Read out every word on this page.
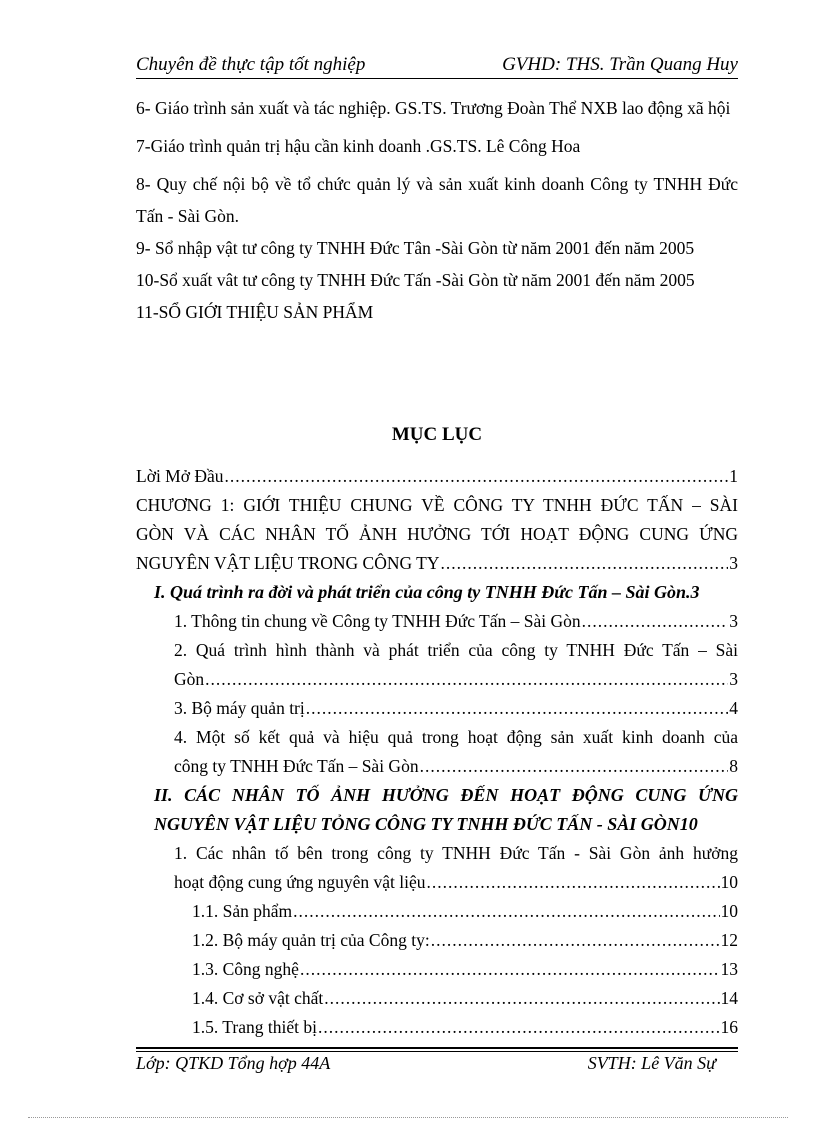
Chuyên đề thực tập tốt nghiệp	GVHD: THS. Trần Quang Huy
6- Giáo trình sản xuất và tác nghiệp. GS.TS. Trương Đoàn Thể NXB lao động xã hội
7-Giáo trình quản trị hậu cần kinh doanh .GS.TS. Lê Công Hoa
8- Quy chế nội bộ về tổ chức quản lý và sản xuất kinh doanh Công ty TNHH Đức Tấn - Sài Gòn.
9- Sổ nhập vật tư công ty TNHH Đức Tân -Sài Gòn từ năm 2001 đến năm 2005
10-Sổ xuất vât tư công ty TNHH Đức Tấn -Sài Gòn từ năm 2001 đến năm 2005
11-SỔ GIỚI THIỆU SẢN PHẨM
MỤC LỤC
Lời Mở Đầu .....	1
CHƯƠNG 1: GIỚI THIỆU CHUNG VỀ CÔNG TY TNHH ĐỨC TẤN – SÀI
GÒN VÀ CÁC NHÂN TỐ ẢNH HƯỞNG TỚI HOẠT ĐỘNG CUNG ỨNG
NGUYÊN VẬT LIỆU TRONG CÔNG TY .....	3
I. Quá trình ra đời và phát triển của công ty TNHH Đức Tấn – Sài Gòn.3
1. Thông tin chung về Công ty TNHH Đức Tấn – Sài Gòn .....	3
2. Quá trình hình thành và phát triển của công ty TNHH Đức Tấn – Sài
Gòn .....	3
3. Bộ máy quản trị .....	4
4. Một số kết quả và hiệu quả trong hoạt động sản xuất kinh doanh của
công ty TNHH Đức Tấn – Sài Gòn .....	8
II. CÁC NHÂN TỐ ẢNH HƯỞNG ĐẾN HOẠT ĐỘNG CUNG ỨNG
NGUYÊN VẬT LIỆU TỎNG CÔNG TY TNHH ĐỨC TẤN - SÀI GÒN10
1. Các nhân tố bên trong công ty TNHH Đức Tấn - Sài Gòn ảnh hưởng
hoạt động cung ứng nguyên vật liệu .....	10
1.1. Sản phẩm .....	10
1.2. Bộ máy quản trị của Công ty: .....	12
1.3. Công nghệ .....	13
1.4. Cơ sở vật chất .....	14
1.5. Trang thiết bị .....	16
Lớp: QTKD Tổng hợp 44A	SVTH: Lê Văn Sự
